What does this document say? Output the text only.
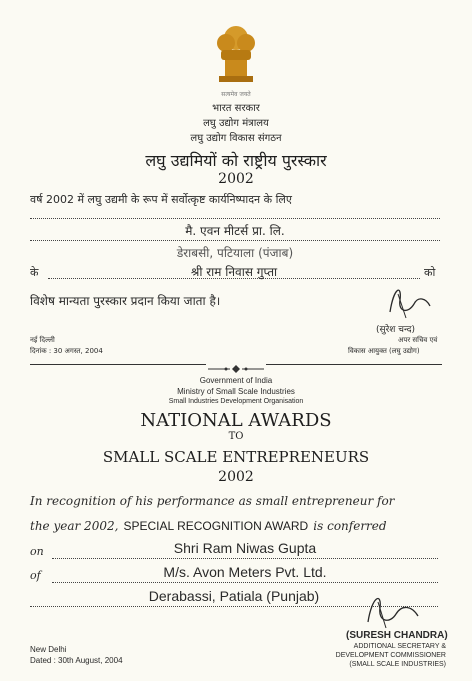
सत्यमेव जयते
भारत सरकार
लघु उद्योग मंत्रालय
लघु उद्योग विकास संगठन
लघु उद्यमियों को राष्ट्रीय पुरस्कार
2002
वर्ष 2002 में लघु उद्यमी के रूप में सर्वोत्कृष्ट कार्यनिष्पादन के लिए
मै. एवन मीटर्स प्रा. लि.
डेराबसी, पटियाला (पंजाब)
के	श्री राम निवास गुप्ता	को
विशेष मान्यता पुरस्कार प्रदान किया जाता है।
(सुरेश चन्द)
नई दिल्ली	अपर सचिव एवं
दिनांक : 30 अगस्त, 2004	विकास आयुक्त (लघु उद्योग)
Government of India
Ministry of Small Scale Industries
Small Industries Development Organisation
NATIONAL AWARDS
TO
SMALL SCALE ENTREPRENEURS
2002
In recognition of his performance as small entrepreneur for
the year 2002, SPECIAL RECOGNITION AWARD is conferred
on	Shri Ram Niwas Gupta
of	M/s. Avon Meters Pvt. Ltd.
Derabassi, Patiala (Punjab)
(SURESH CHANDRA)
ADDITIONAL SECRETARY &
DEVELOPMENT COMMISSIONER
(SMALL SCALE INDUSTRIES)
New Delhi
Dated : 30th August, 2004
